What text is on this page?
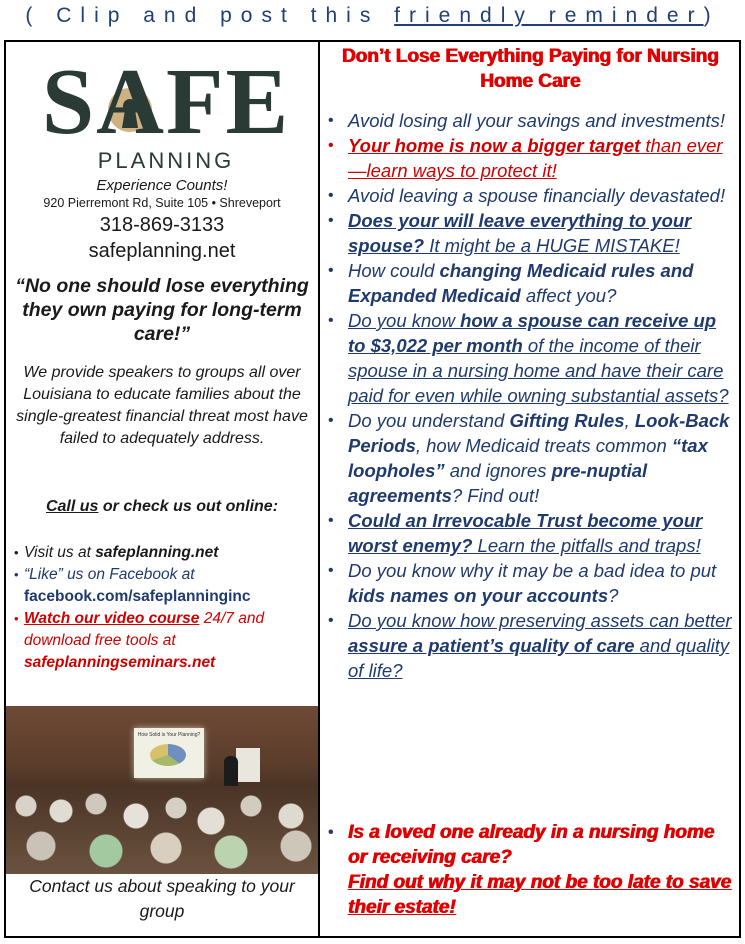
( Clip and post this friendly reminder)
SAFE
PLANNING
Experience Counts!
920 Pierremont Rd, Suite 105 • Shreveport
318-869-3133
safeplanning.net
“No one should lose everything they own paying for long-term care!”
We provide speakers to groups all over Louisiana to educate families about the single-greatest financial threat most have failed to adequately address.
Call us or check us out online:
• Visit us at safeplanning.net
• “Like” us on Facebook at
facebook.com/safeplanninginc
• Watch our video course 24/7 and download free tools at
safeplanningseminars.net
How Solid is Your Planning?
Contact us about speaking to your group
Don’t Lose Everything Paying for Nursing Home Care
• Avoid losing all your savings and investments!
• Your home is now a bigger target than ever—learn ways to protect it!
• Avoid leaving a spouse financially devastated!
• Does your will leave everything to your spouse? It might be a HUGE MISTAKE!
• How could changing Medicaid rules and Expanded Medicaid affect you?
• Do you know how a spouse can receive up to $3,022 per month of the income of their spouse in a nursing home and have their care paid for even while owning substantial assets?
• Do you understand Gifting Rules, Look-Back Periods, how Medicaid treats common “tax loopholes” and ignores pre-nuptial agreements? Find out!
• Could an Irrevocable Trust become your worst enemy? Learn the pitfalls and traps!
• Do you know why it may be a bad idea to put kids names on your accounts?
• Do you know how preserving assets can better assure a patient’s quality of care and quality of life?
• Is a loved one already in a nursing home or receiving care?
Find out why it may not be too late to save their estate!
